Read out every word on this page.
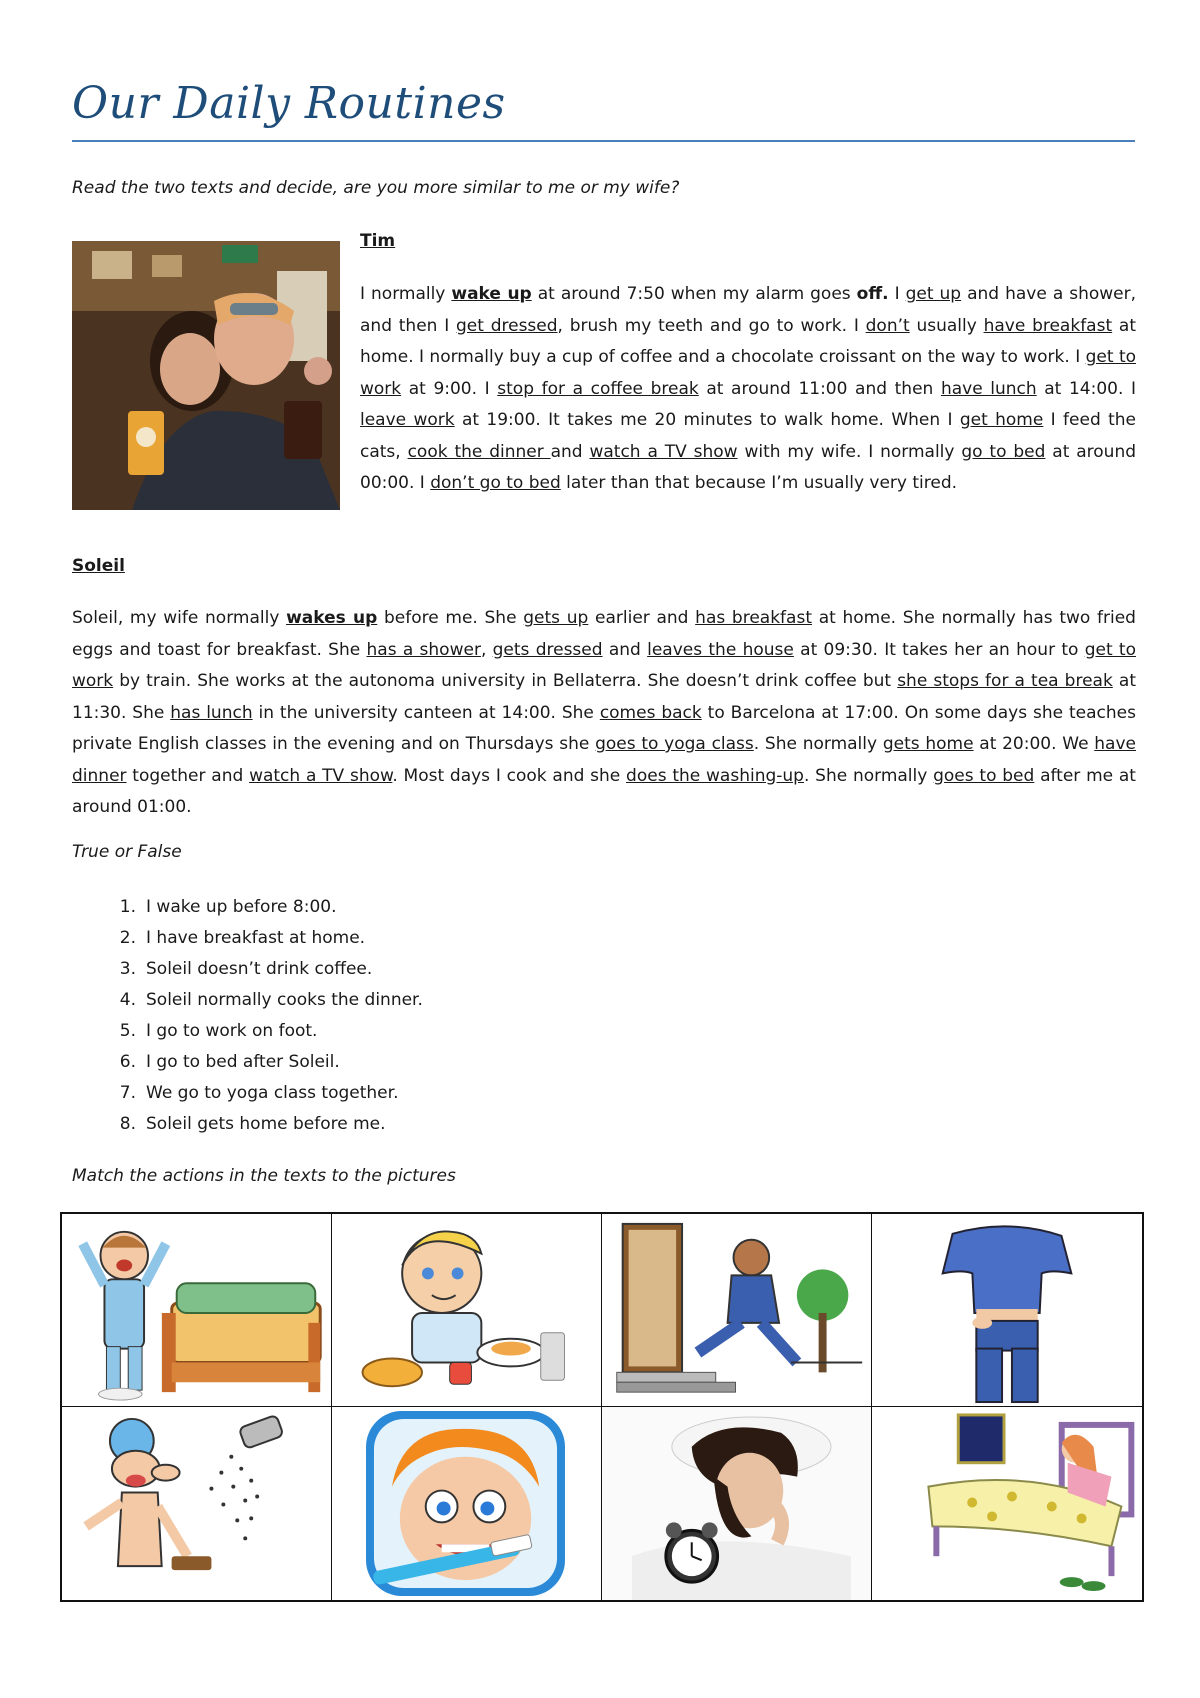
Our Daily Routines

Read the two texts and decide, are you more similar to me or my wife?

Tim

I normally wake up at around 7:50 when my alarm goes off. I get up and have a shower, and then I get dressed, brush my teeth and go to work. I don’t usually have breakfast at home. I normally buy a cup of coffee and a chocolate croissant on the way to work. I get to work at 9:00. I stop for a coffee break at around 11:00 and then have lunch at 14:00. I leave work at 19:00. It takes me 20 minutes to walk home. When I get home I feed the cats, cook the dinner and watch a TV show with my wife. I normally go to bed at around 00:00. I don’t go to bed later than that because I’m usually very tired.

Soleil

Soleil, my wife normally wakes up before me. She gets up earlier and has breakfast at home. She normally has two fried eggs and toast for breakfast. She has a shower, gets dressed and leaves the house at 09:30. It takes her an hour to get to work by train. She works at the autonoma university in Bellaterra. She doesn’t drink coffee but she stops for a tea break at 11:30. She has lunch in the university canteen at 14:00. She comes back to Barcelona at 17:00. On some days she teaches private English classes in the evening and on Thursdays she goes to yoga class. She normally gets home at 20:00. We have dinner together and watch a TV show. Most days I cook and she does the washing-up. She normally goes to bed after me at around 01:00.

True or False

1. I wake up before 8:00.
2. I have breakfast at home.
3. Soleil doesn’t drink coffee.
4. Soleil normally cooks the dinner.
5. I go to work on foot.
6. I go to bed after Soleil.
7. We go to yoga class together.
8. Soleil gets home before me.

Match the actions in the texts to the pictures
